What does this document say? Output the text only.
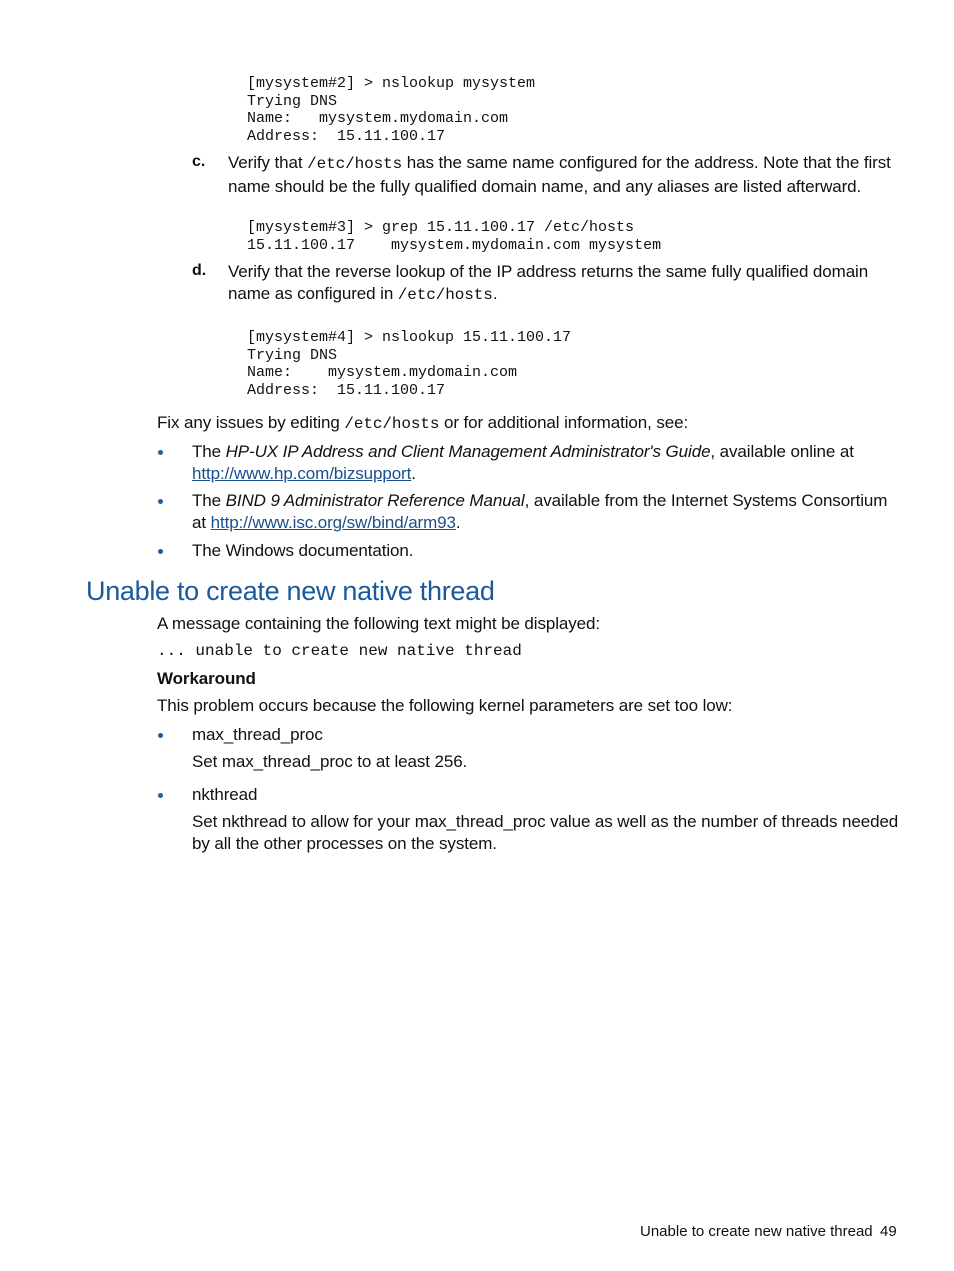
[mysystem#2] > nslookup mysystem
Trying DNS
Name:   mysystem.mydomain.com
Address:  15.11.100.17
c. Verify that /etc/hosts has the same name configured for the address. Note that the first name should be the fully qualified domain name, and any aliases are listed afterward.
[mysystem#3] > grep 15.11.100.17 /etc/hosts
15.11.100.17    mysystem.mydomain.com mysystem
d. Verify that the reverse lookup of the IP address returns the same fully qualified domain name as configured in /etc/hosts.
[mysystem#4] > nslookup 15.11.100.17
Trying DNS
Name:    mysystem.mydomain.com
Address:  15.11.100.17
Fix any issues by editing /etc/hosts or for additional information, see:
The HP-UX IP Address and Client Management Administrator's Guide, available online at http://www.hp.com/bizsupport.
The BIND 9 Administrator Reference Manual, available from the Internet Systems Consortium at http://www.isc.org/sw/bind/arm93.
The Windows documentation.
Unable to create new native thread
A message containing the following text might be displayed:
... unable to create new native thread
Workaround
This problem occurs because the following kernel parameters are set too low:
max_thread_proc
Set max_thread_proc to at least 256.
nkthread
Set nkthread to allow for your max_thread_proc value as well as the number of threads needed by all the other processes on the system.
Unable to create new native thread 49
